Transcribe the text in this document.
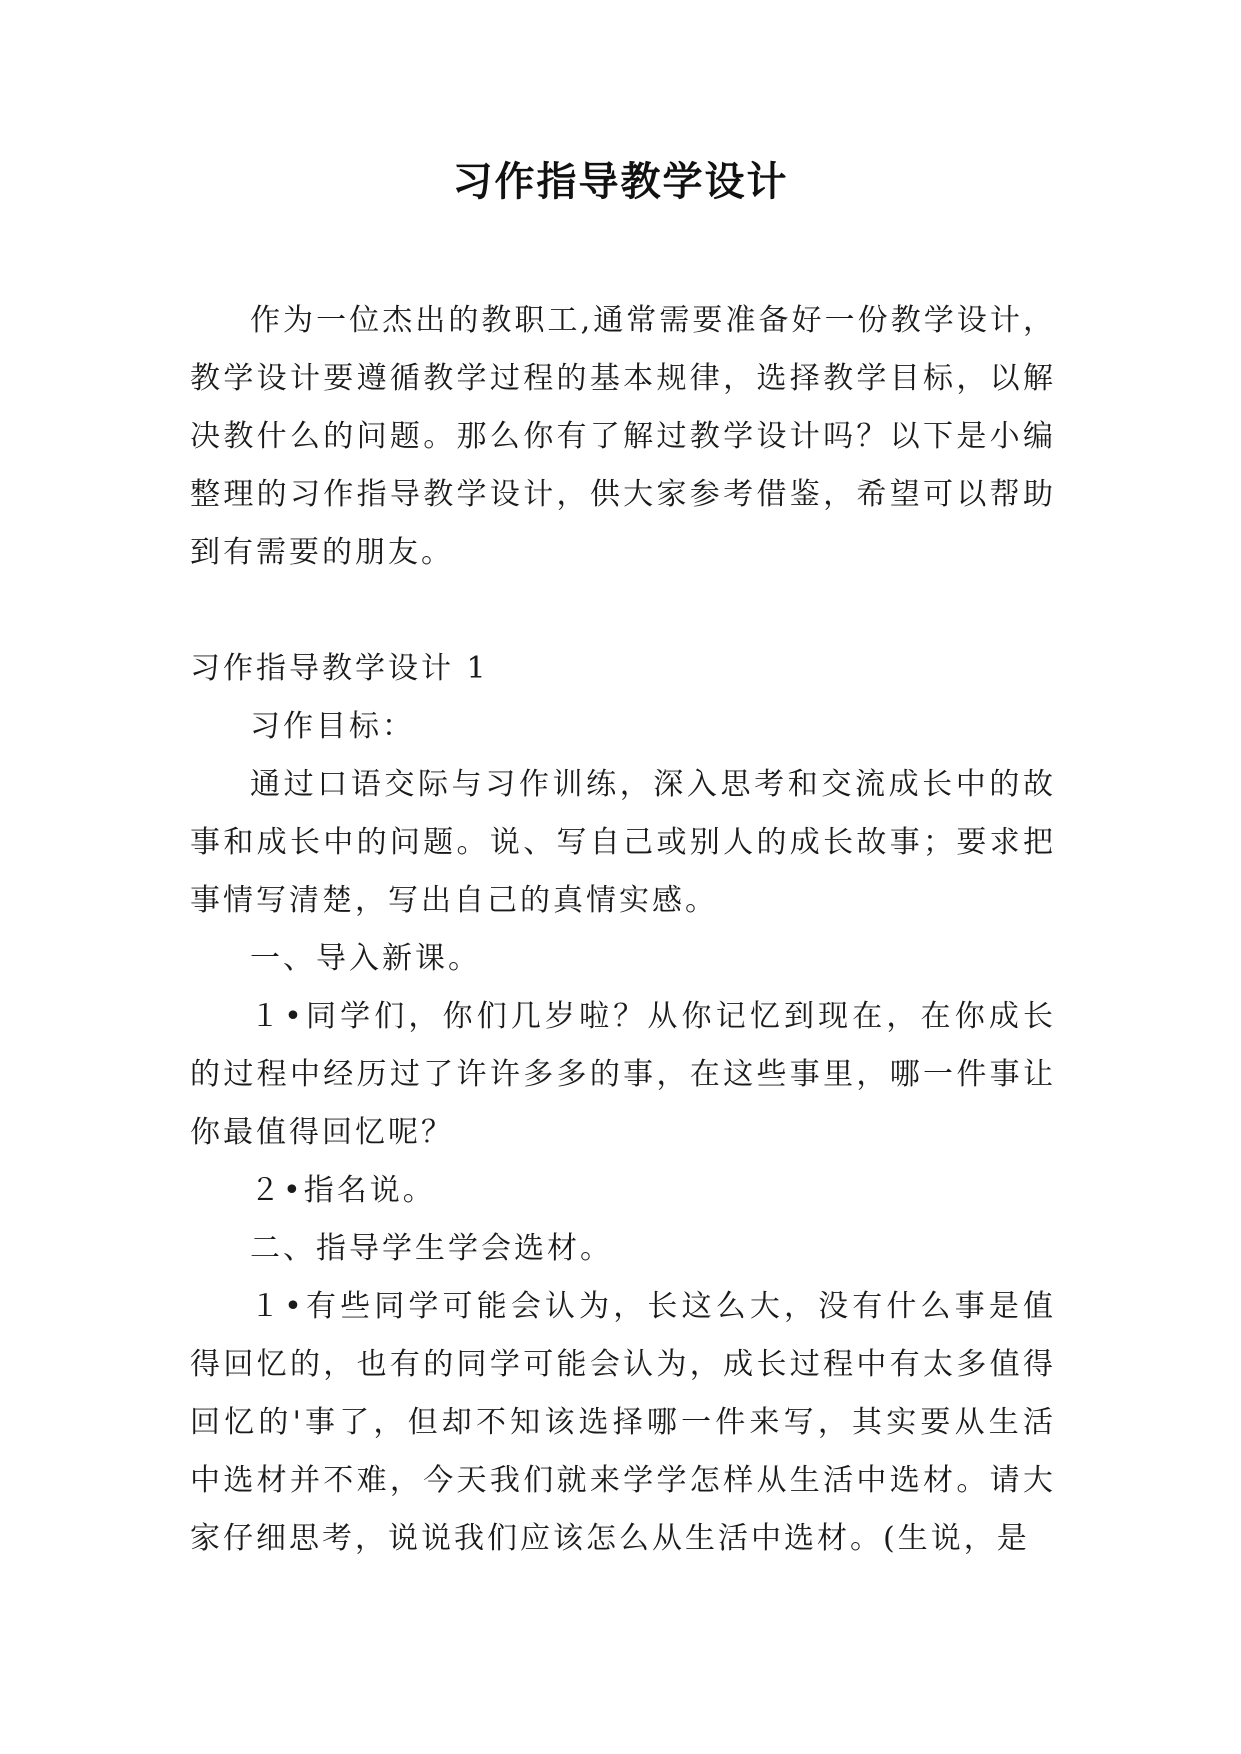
习作指导教学设计

作为一位杰出的教职工,通常需要准备好一份教学设计，教学设计要遵循教学过程的基本规律，选择教学目标，以解决教什么的问题。那么你有了解过教学设计吗？以下是小编整理的习作指导教学设计，供大家参考借鉴，希望可以帮助到有需要的朋友。

习作指导教学设计 1

习作目标：

通过口语交际与习作训练，深入思考和交流成长中的故事和成长中的问题。说、写自己或别人的成长故事；要求把事情写清楚，写出自己的真情实感。

一、导入新课。

１•同学们，你们几岁啦？从你记忆到现在，在你成长的过程中经历过了许许多多的事，在这些事里，哪一件事让你最值得回忆呢？

２•指名说。

二、指导学生学会选材。

１•有些同学可能会认为，长这么大，没有什么事是值得回忆的，也有的同学可能会认为，成长过程中有太多值得回忆的'事了，但却不知该选择哪一件来写，其实要从生活中选材并不难，今天我们就来学学怎样从生活中选材。请大家仔细思考，说说我们应该怎么从生活中选材。(生说，是
